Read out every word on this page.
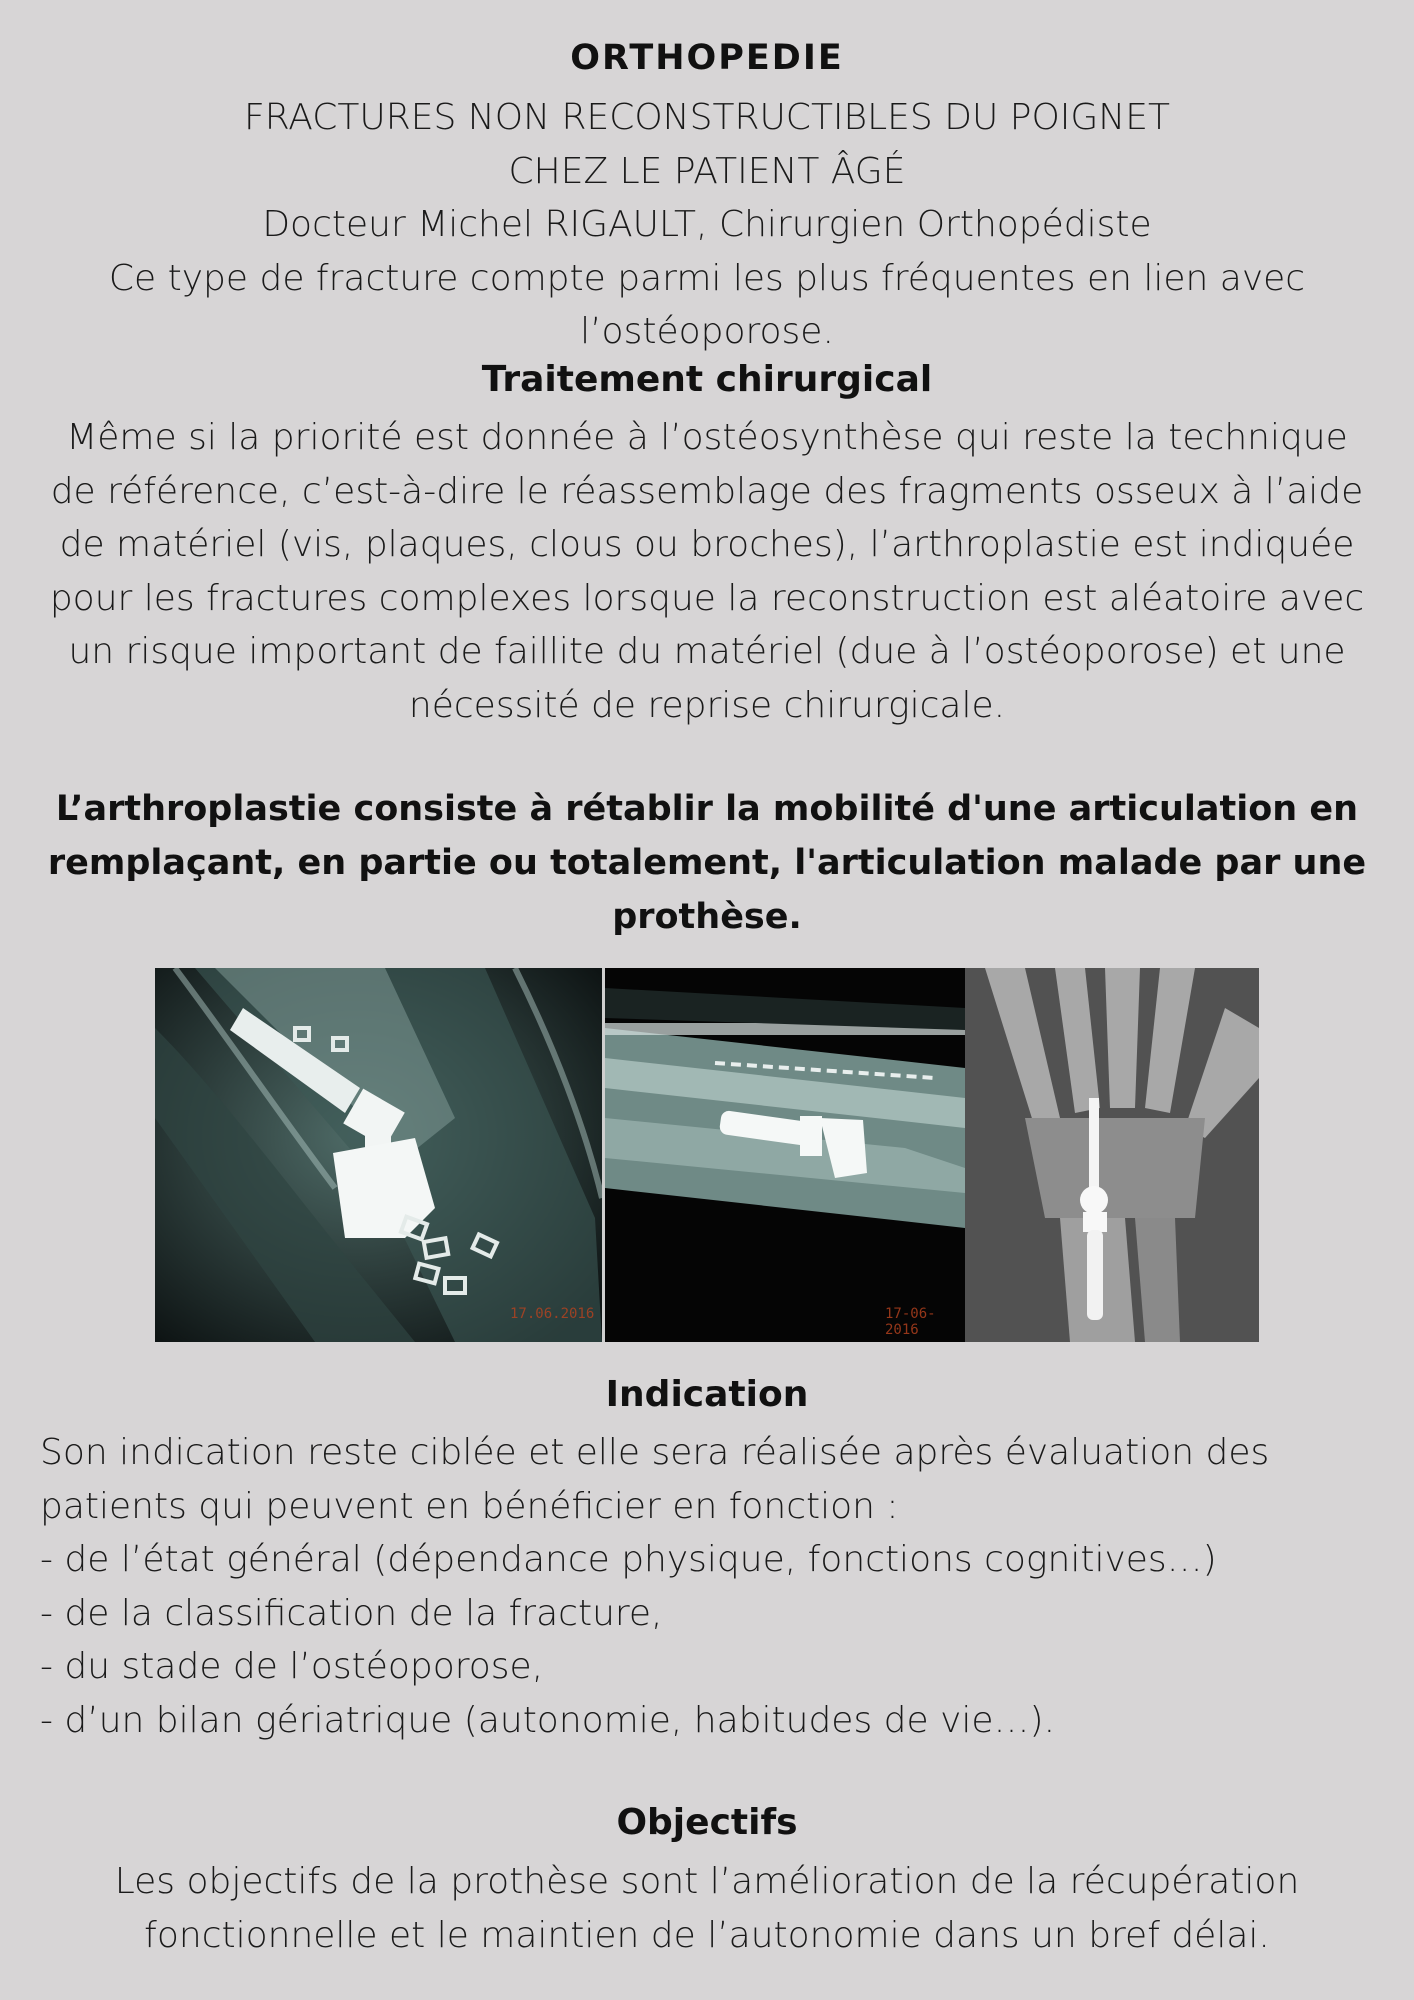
ORTHOPEDIE

FRACTURES NON RECONSTRUCTIBLES DU POIGNET

CHEZ LE PATIENT ÂGÉ

Docteur Michel RIGAULT, Chirurgien Orthopédiste

Ce type de fracture compte parmi les plus fréquentes en lien avec l’ostéoporose.

Traitement chirurgical
Même si la priorité est donnée à l’ostéosynthèse qui reste la technique de référence, c’est-à-dire le réassemblage des fragments osseux à l’aide de matériel (vis, plaques, clous ou broches), l’arthroplastie est indiquée pour les fractures complexes lorsque la reconstruction est aléatoire avec un risque important de faillite du matériel (due à l’ostéoporose) et une nécessité de reprise chirurgicale.
L’arthroplastie consiste à rétablir la mobilité d'une articulation en remplaçant, en partie ou totalement, l'articulation malade par une prothèse.
17.06.2016	17-06-2016
Indication

Son indication reste ciblée et elle sera réalisée après évaluation des patients qui peuvent en bénéficier en fonction :

- de l’état général (dépendance physique, fonctions cognitives…)
- de la classification de la fracture,
- du stade de l’ostéoporose,
- d’un bilan gériatrique (autonomie, habitudes de vie…).
Objectifs
Les objectifs de la prothèse sont l’amélioration de la récupération fonctionnelle et le maintien de l’autonomie dans un bref délai.
